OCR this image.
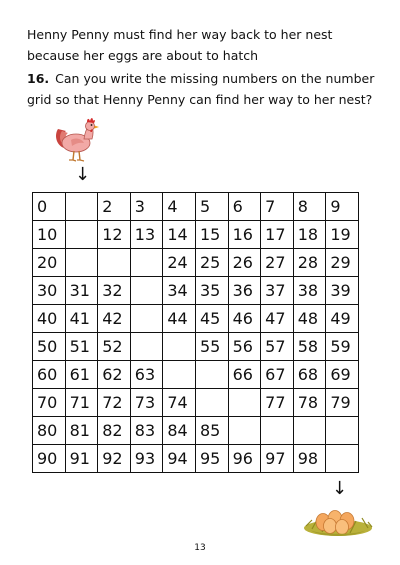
Henny Penny must find her way back to her nest because her eggs are about to hatch
16. Can you write the missing numbers on the number grid so that Henny Penny can find her way to her nest?
↓
0		2	3	4	5	6	7	8	9
10		12	13	14	15	16	17	18	19
20				24	25	26	27	28	29
30	31	32		34	35	36	37	38	39
40	41	42		44	45	46	47	48	49
50	51	52			55	56	57	58	59
60	61	62	63			66	67	68	69
70	71	72	73	74			77	78	79
80	81	82	83	84	85				
90	91	92	93	94	95	96	97	98	
↓
13
